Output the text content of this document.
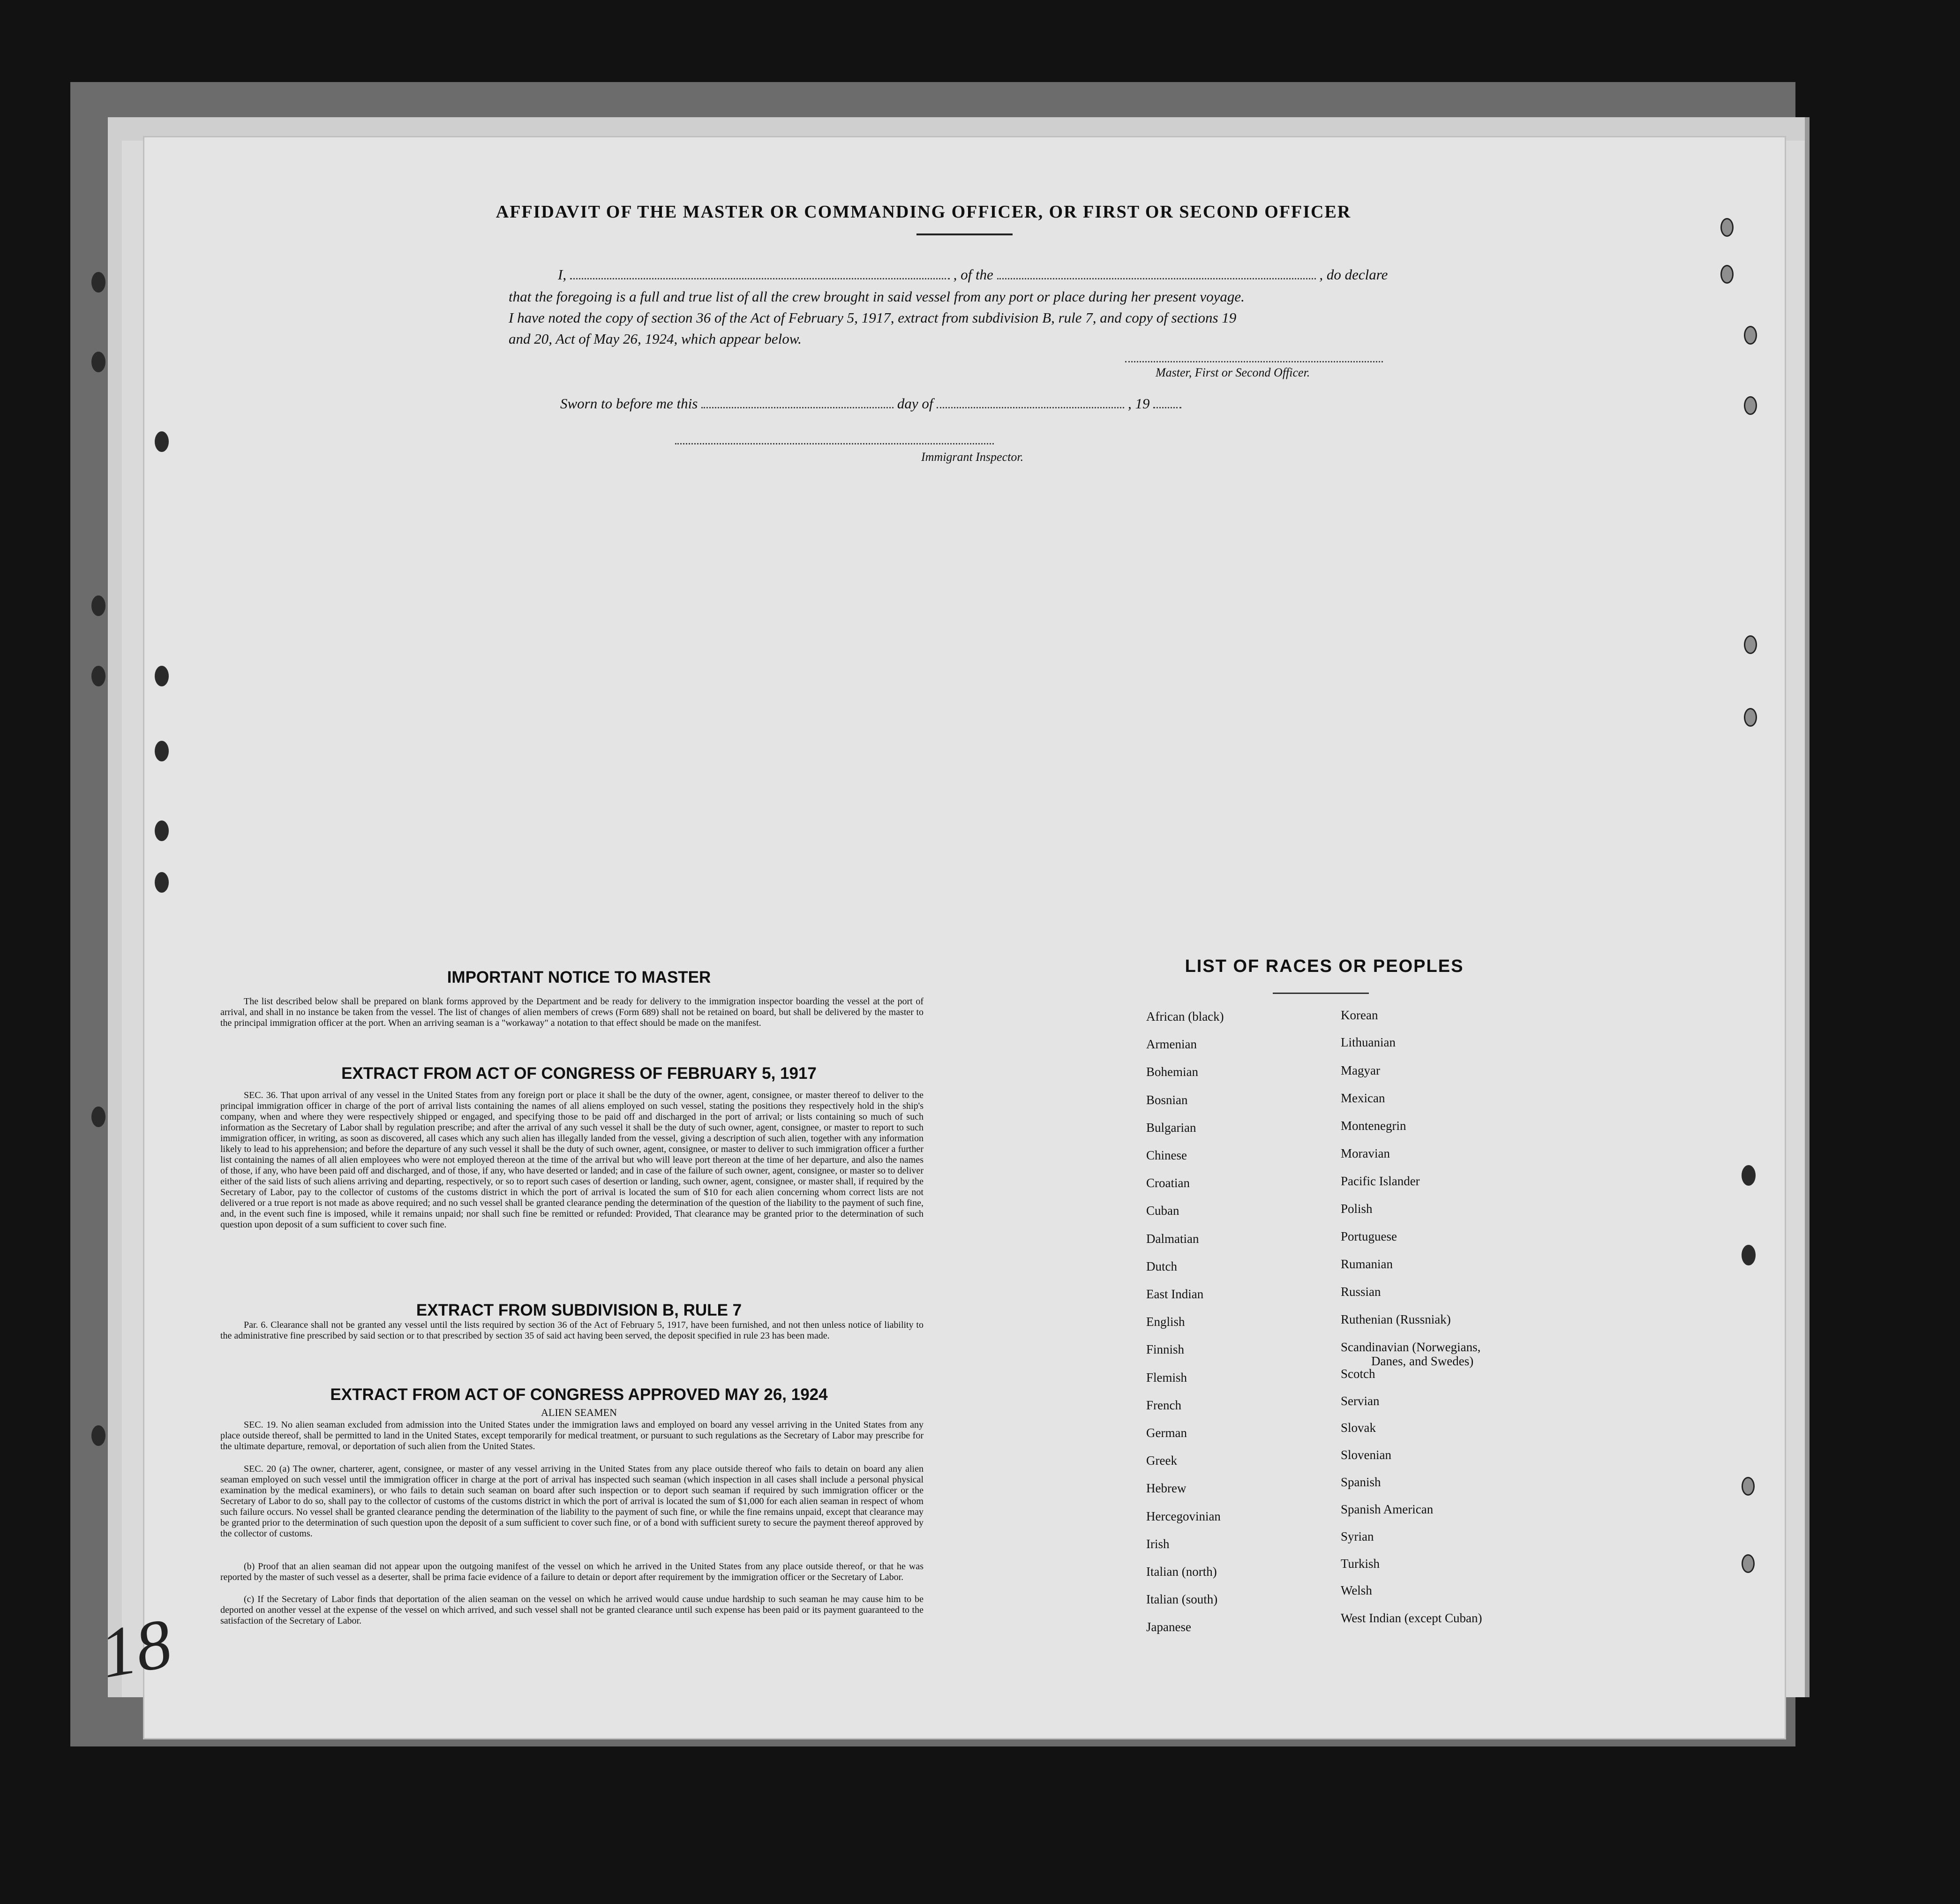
18
AFFIDAVIT OF THE MASTER OR COMMANDING OFFICER, OR FIRST OR SECOND OFFICER
I,	, of the	, do declare
that the foregoing is a full and true list of all the crew brought in said vessel from any port or place during her present voyage.
I have noted the copy of section 36 of the Act of February 5, 1917, extract from subdivision B, rule 7, and copy of sections 19
and 20, Act of May 26, 1924, which appear below.
Master, First or Second Officer.
Sworn to before me this	day of	, 19
Immigrant Inspector.
IMPORTANT NOTICE TO MASTER
The list described below shall be prepared on blank forms approved by the Department and be ready for delivery to the immigration inspector boarding the vessel at the port of arrival, and shall in no instance be taken from the vessel. The list of changes of alien members of crews (Form 689) shall not be retained on board, but shall be delivered by the master to the principal immigration officer at the port. When an arriving seaman is a "workaway" a notation to that effect should be made on the manifest.
EXTRACT FROM ACT OF CONGRESS OF FEBRUARY 5, 1917
SEC. 36. That upon arrival of any vessel in the United States from any foreign port or place it shall be the duty of the owner, agent, consignee, or master thereof to deliver to the principal immigration officer in charge of the port of arrival lists containing the names of all aliens employed on such vessel, stating the positions they respectively hold in the ship's company, when and where they were respectively shipped or engaged, and specifying those to be paid off and discharged in the port of arrival; or lists containing so much of such information as the Secretary of Labor shall by regulation prescribe; and after the arrival of any such vessel it shall be the duty of such owner, agent, consignee, or master to report to such immigration officer, in writing, as soon as discovered, all cases which any such alien has illegally landed from the vessel, giving a description of such alien, together with any information likely to lead to his apprehension; and before the departure of any such vessel it shall be the duty of such owner, agent, consignee, or master to deliver to such immigration officer a further list containing the names of all alien employees who were not employed thereon at the time of the arrival but who will leave port thereon at the time of her departure, and also the names of those, if any, who have been paid off and discharged, and of those, if any, who have deserted or landed; and in case of the failure of such owner, agent, consignee, or master so to deliver either of the said lists of such aliens arriving and departing, respectively, or so to report such cases of desertion or landing, such owner, agent, consignee, or master shall, if required by the Secretary of Labor, pay to the collector of customs of the customs district in which the port of arrival is located the sum of $10 for each alien concerning whom correct lists are not delivered or a true report is not made as above required; and no such vessel shall be granted clearance pending the determination of the question of the liability to the payment of such fine, and, in the event such fine is imposed, while it remains unpaid; nor shall such fine be remitted or refunded: Provided, That clearance may be granted prior to the determination of such question upon deposit of a sum sufficient to cover such fine.
EXTRACT FROM SUBDIVISION B, RULE 7
Par. 6. Clearance shall not be granted any vessel until the lists required by section 36 of the Act of February 5, 1917, have been furnished, and not then unless notice of liability to the administrative fine prescribed by said section or to that prescribed by section 35 of said act having been served, the deposit specified in rule 23 has been made.
EXTRACT FROM ACT OF CONGRESS APPROVED MAY 26, 1924
ALIEN SEAMEN
SEC. 19. No alien seaman excluded from admission into the United States under the immigration laws and employed on board any vessel arriving in the United States from any place outside thereof, shall be permitted to land in the United States, except temporarily for medical treatment, or pursuant to such regulations as the Secretary of Labor may prescribe for the ultimate departure, removal, or deportation of such alien from the United States.
SEC. 20 (a) The owner, charterer, agent, consignee, or master of any vessel arriving in the United States from any place outside thereof who fails to detain on board any alien seaman employed on such vessel until the immigration officer in charge at the port of arrival has inspected such seaman (which inspection in all cases shall include a personal physical examination by the medical examiners), or who fails to detain such seaman on board after such inspection or to deport such seaman if required by such immigration officer or the Secretary of Labor to do so, shall pay to the collector of customs of the customs district in which the port of arrival is located the sum of $1,000 for each alien seaman in respect of whom such failure occurs. No vessel shall be granted clearance pending the determination of the liability to the payment of such fine, or while the fine remains unpaid, except that clearance may be granted prior to the determination of such question upon the deposit of a sum sufficient to cover such fine, or of a bond with sufficient surety to secure the payment thereof approved by the collector of customs.
(b) Proof that an alien seaman did not appear upon the outgoing manifest of the vessel on which he arrived in the United States from any place outside thereof, or that he was reported by the master of such vessel as a deserter, shall be prima facie evidence of a failure to detain or deport after requirement by the immigration officer or the Secretary of Labor.
(c) If the Secretary of Labor finds that deportation of the alien seaman on the vessel on which he arrived would cause undue hardship to such seaman he may cause him to be deported on another vessel at the expense of the vessel on which arrived, and such vessel shall not be granted clearance until such expense has been paid or its payment guaranteed to the satisfaction of the Secretary of Labor.
LIST OF RACES OR PEOPLES
African (black)
Armenian
Bohemian
Bosnian
Bulgarian
Chinese
Croatian
Cuban
Dalmatian
Dutch
East Indian
English
Finnish
Flemish
French
German
Greek
Hebrew
Hercegovinian
Irish
Italian (north)
Italian (south)
Japanese
Korean
Lithuanian
Magyar
Mexican
Montenegrin
Moravian
Pacific Islander
Polish
Portuguese
Rumanian
Russian
Ruthenian (Russniak)
Scandinavian (Norwegians,
Danes, and Swedes)
Scotch
Servian
Slovak
Slovenian
Spanish
Spanish American
Syrian
Turkish
Welsh
West Indian (except Cuban)
